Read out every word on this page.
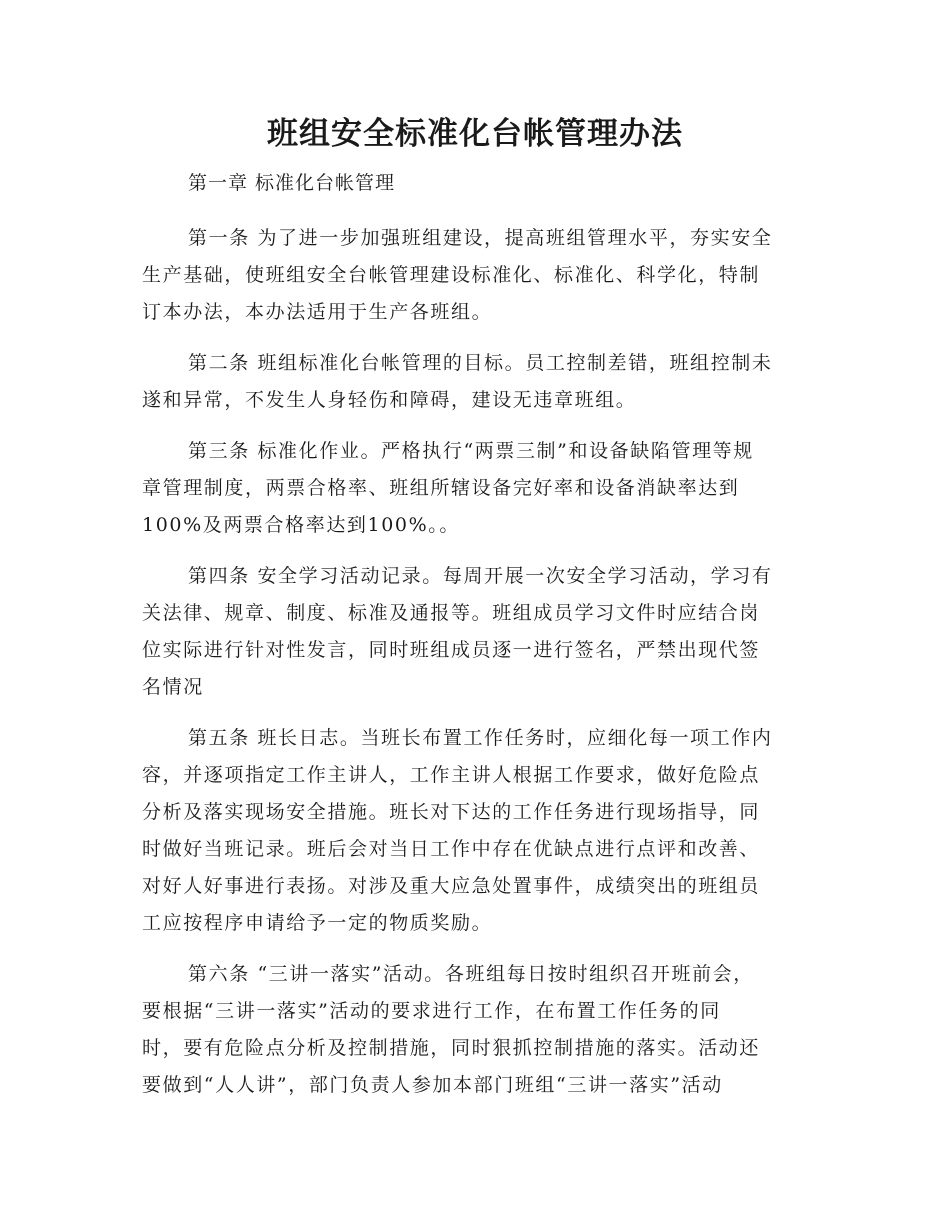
班组安全标准化台帐管理办法
第一章 标准化台帐管理
第一条 为了进一步加强班组建设，提高班组管理水平，夯实安全
生产基础，使班组安全台帐管理建设标准化、标准化、科学化，特制
订本办法，本办法适用于生产各班组。
第二条 班组标准化台帐管理的目标。员工控制差错，班组控制未
遂和异常，不发生人身轻伤和障碍，建设无违章班组。
第三条 标准化作业。严格执行“两票三制”和设备缺陷管理等规
章管理制度，两票合格率、班组所辖设备完好率和设备消缺率达到
100%及两票合格率达到100%。。
第四条 安全学习活动记录。每周开展一次安全学习活动，学习有
关法律、规章、制度、标准及通报等。班组成员学习文件时应结合岗
位实际进行针对性发言，同时班组成员逐一进行签名，严禁出现代签
名情况
第五条 班长日志。当班长布置工作任务时，应细化每一项工作内
容，并逐项指定工作主讲人，工作主讲人根据工作要求，做好危险点
分析及落实现场安全措施。班长对下达的工作任务进行现场指导，同
时做好当班记录。班后会对当日工作中存在优缺点进行点评和改善、
对好人好事进行表扬。对涉及重大应急处置事件，成绩突出的班组员
工应按程序申请给予一定的物质奖励。
第六条 “三讲一落实”活动。各班组每日按时组织召开班前会，
要根据“三讲一落实”活动的要求进行工作，在布置工作任务的同
时，要有危险点分析及控制措施，同时狠抓控制措施的落实。活动还
要做到“人人讲”，部门负责人参加本部门班组“三讲一落实”活动
